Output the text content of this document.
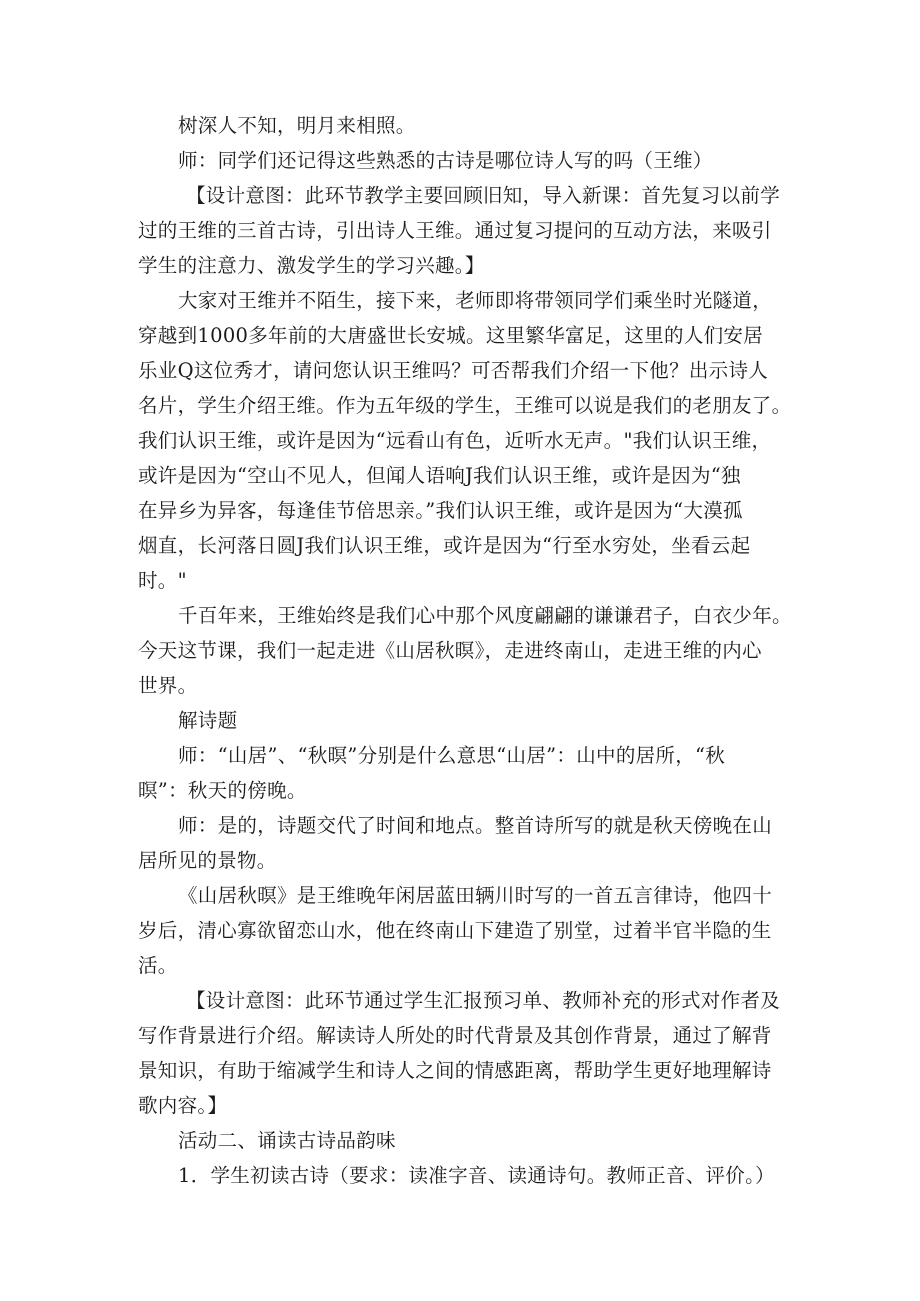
树深人不知，明月来相照。
师：同学们还记得这些熟悉的古诗是哪位诗人写的吗（王维）
【设计意图：此环节教学主要回顾旧知，导入新课：首先复习以前学
过的王维的三首古诗，引出诗人王维。通过复习提问的互动方法，来吸引
学生的注意力、激发学生的学习兴趣。】
大家对王维并不陌生，接下来，老师即将带领同学们乘坐时光隧道，
穿越到1000多年前的大唐盛世长安城。这里繁华富足，这里的人们安居
乐业Q这位秀才，请问您认识王维吗？可否帮我们介绍一下他？出示诗人
名片，学生介绍王维。作为五年级的学生，王维可以说是我们的老朋友了。
我们认识王维，或许是因为“远看山有色，近听水无声。"我们认识王维，
或许是因为“空山不见人，但闻人语响J我们认识王维，或许是因为“独
在异乡为异客，每逢佳节倍思亲。”我们认识王维，或许是因为“大漠孤
烟直，长河落日圆J我们认识王维，或许是因为“行至水穷处，坐看云起
时。"
千百年来，王维始终是我们心中那个风度翩翩的谦谦君子，白衣少年。
今天这节课，我们一起走进《山居秋暝》，走进终南山，走进王维的内心
世界。
解诗题
师：“山居”、“秋暝”分别是什么意思“山居”：山中的居所，“秋
暝”：秋天的傍晚。
师：是的，诗题交代了时间和地点。整首诗所写的就是秋天傍晚在山
居所见的景物。
《山居秋暝》是王维晚年闲居蓝田辆川时写的一首五言律诗，他四十
岁后，清心寡欲留恋山水，他在终南山下建造了别堂，过着半官半隐的生
活。
【设计意图：此环节通过学生汇报预习单、教师补充的形式对作者及
写作背景进行介绍。解读诗人所处的时代背景及其创作背景，通过了解背
景知识，有助于缩减学生和诗人之间的情感距离，帮助学生更好地理解诗
歌内容。】
活动二、诵读古诗品韵味
1．学生初读古诗（要求：读准字音、读通诗句。教师正音、评价。）
